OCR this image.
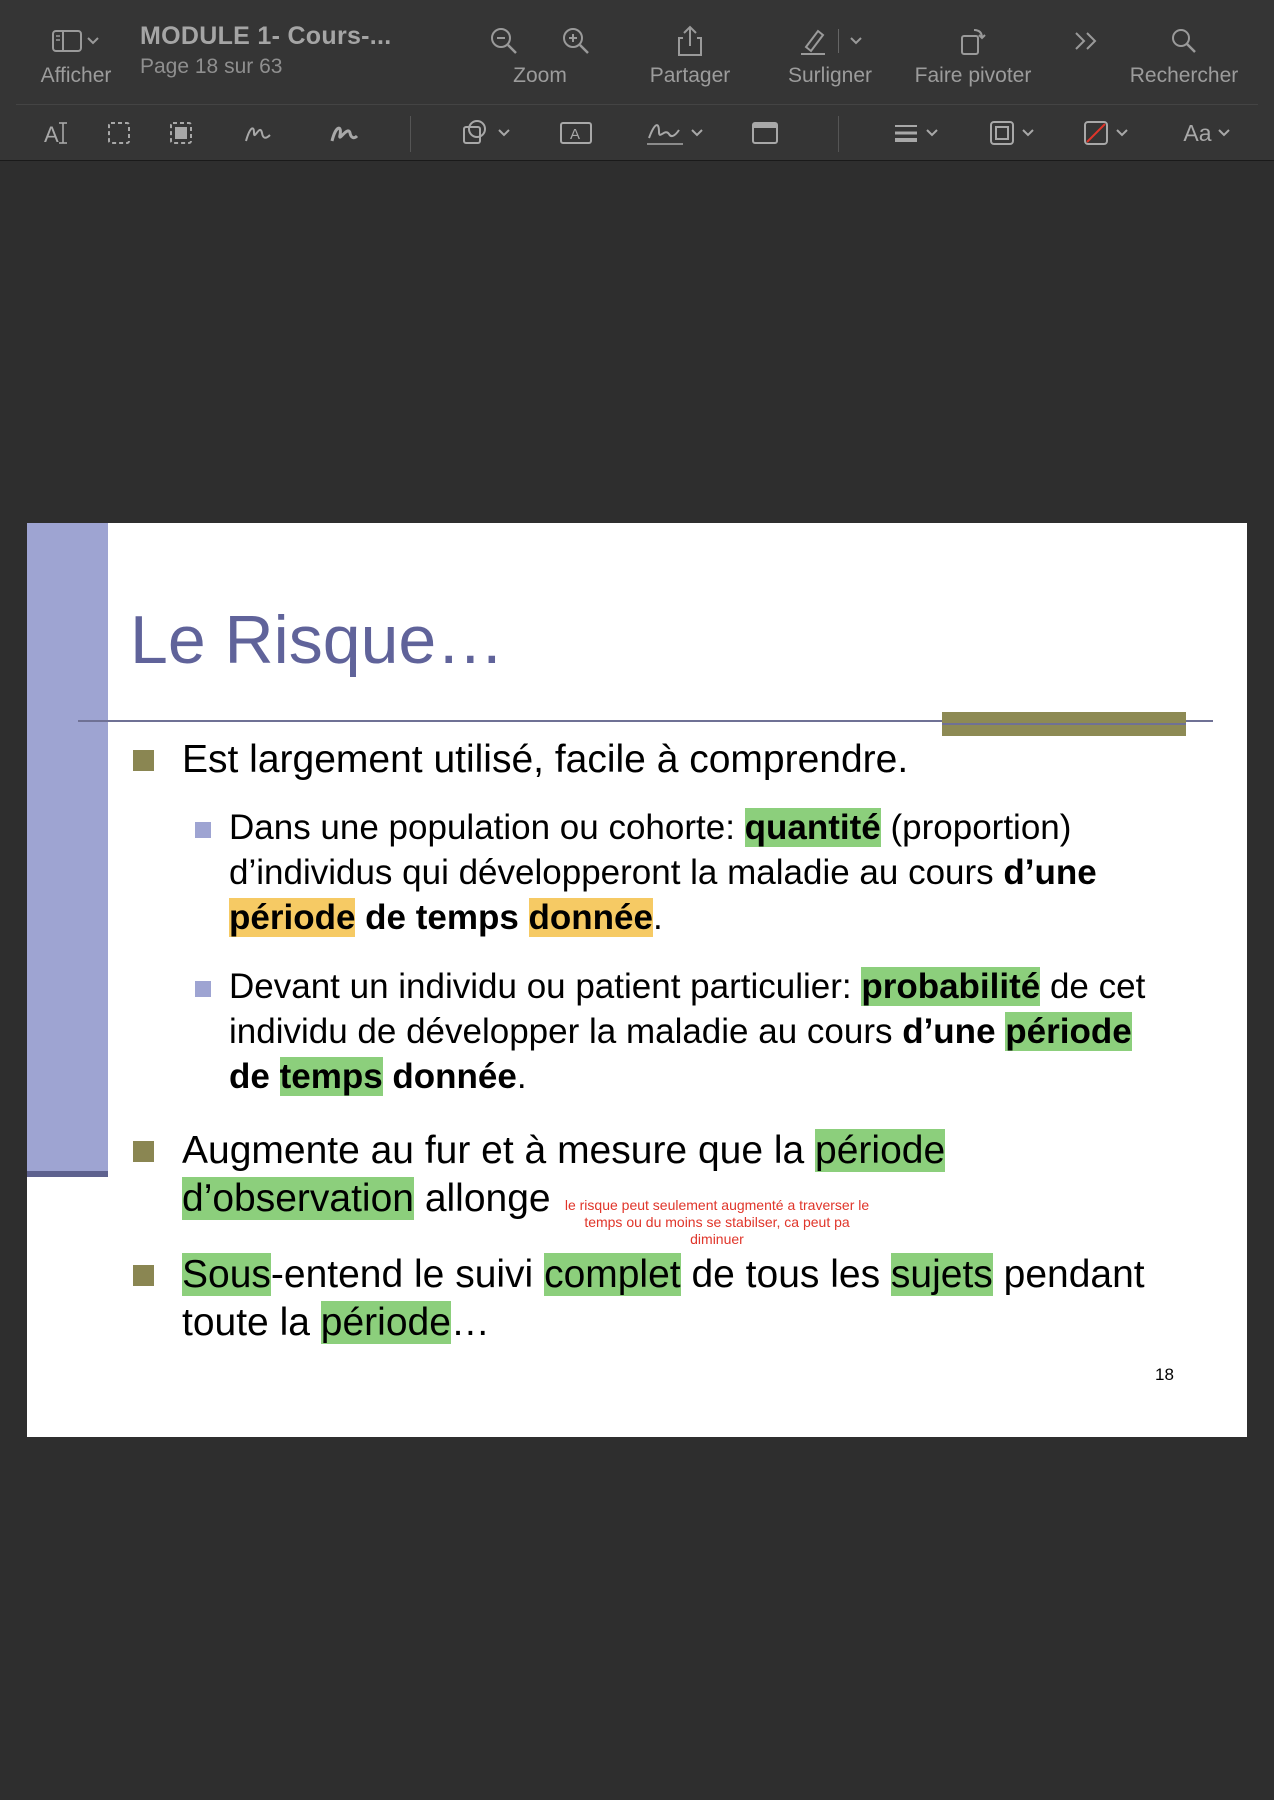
Afficher
MODULE 1- Cours-...
Page 18 sur 63	Zoom	Partager	Surligner	Faire pivoter	Rechercher
A	A	Aa
Le Risque…
Est largement utilisé, facile à comprendre.
Dans une population ou cohorte: quantité (proportion) d’individus qui développeront la maladie au cours d’une
période de temps donnée.
Devant un individu ou patient particulier: probabilité de cet individu de développer la maladie au cours d’une période
de temps donnée.
Augmente au fur et à mesure que la période
d’observation allonge	le risque peut seulement augmenté a traverser le temps ou du moins se stabilser, ca peut pa diminuer
Sous-entend le suivi complet de tous les sujets pendant toute la période…
18
